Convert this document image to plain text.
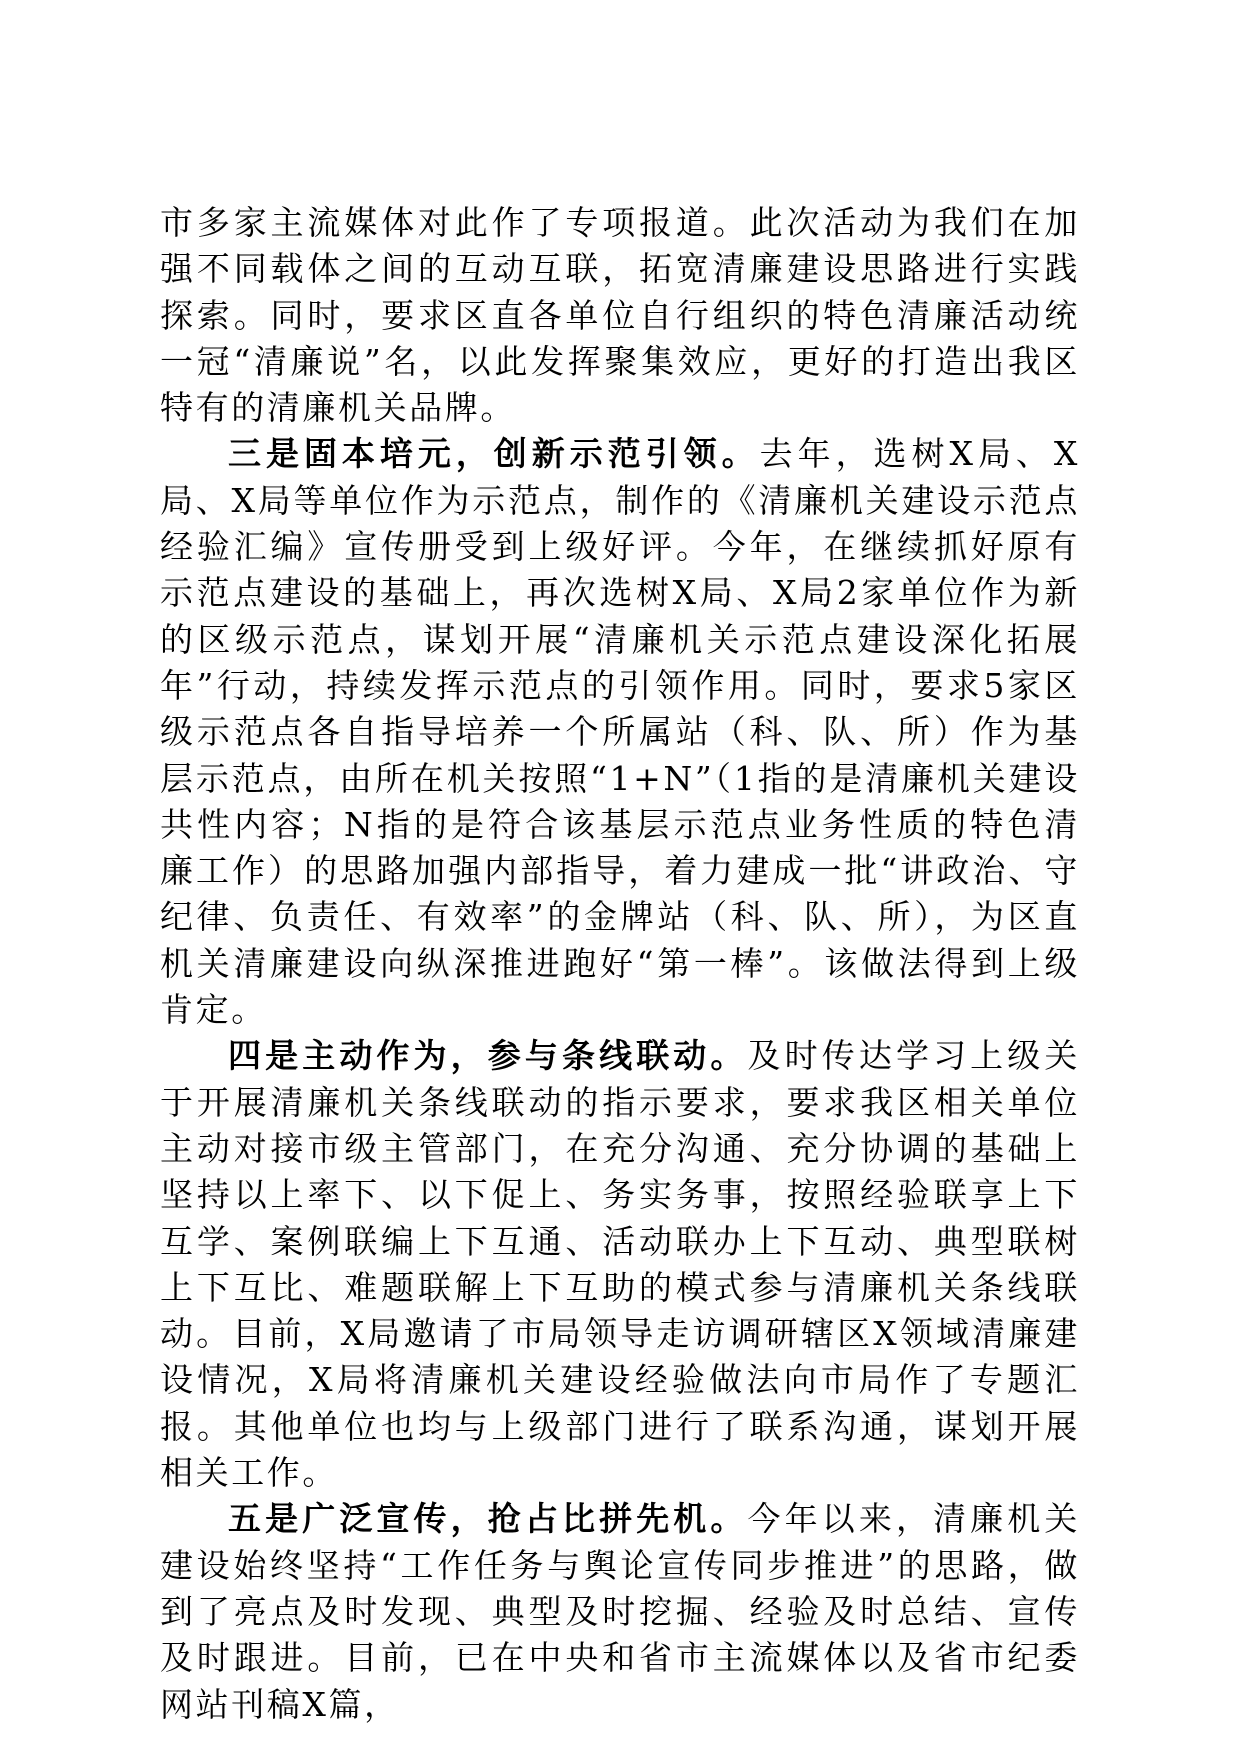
市多家主流媒体对此作了专项报道。此次活动为我们在加强不同载体之间的互动互联，拓宽清廉建设思路进行实践探索。同时，要求区直各单位自行组织的特色清廉活动统一冠“清廉说”名，以此发挥聚集效应，更好的打造出我区特有的清廉机关品牌。

三是固本培元，创新示范引领。去年，选树X局、X局、X局等单位作为示范点，制作的《清廉机关建设示范点经验汇编》宣传册受到上级好评。今年，在继续抓好原有示范点建设的基础上，再次选树X局、X局2家单位作为新的区级示范点，谋划开展“清廉机关示范点建设深化拓展年”行动，持续发挥示范点的引领作用。同时，要求5家区级示范点各自指导培养一个所属站（科、队、所）作为基层示范点，由所在机关按照“1+N”（1指的是清廉机关建设共性内容；N指的是符合该基层示范点业务性质的特色清廉工作）的思路加强内部指导，着力建成一批“讲政治、守纪律、负责任、有效率”的金牌站（科、队、所），为区直机关清廉建设向纵深推进跑好“第一棒”。该做法得到上级肯定。

四是主动作为，参与条线联动。及时传达学习上级关于开展清廉机关条线联动的指示要求，要求我区相关单位主动对接市级主管部门，在充分沟通、充分协调的基础上坚持以上率下、以下促上、务实务事，按照经验联享上下互学、案例联编上下互通、活动联办上下互动、典型联树上下互比、难题联解上下互助的模式参与清廉机关条线联动。目前，X局邀请了市局领导走访调研辖区X领域清廉建设情况，X局将清廉机关建设经验做法向市局作了专题汇报。其他单位也均与上级部门进行了联系沟通，谋划开展相关工作。

五是广泛宣传，抢占比拼先机。今年以来，清廉机关建设始终坚持“工作任务与舆论宣传同步推进”的思路，做到了亮点及时发现、典型及时挖掘、经验及时总结、宣传及时跟进。目前，已在中央和省市主流媒体以及省市纪委网站刊稿X篇，
